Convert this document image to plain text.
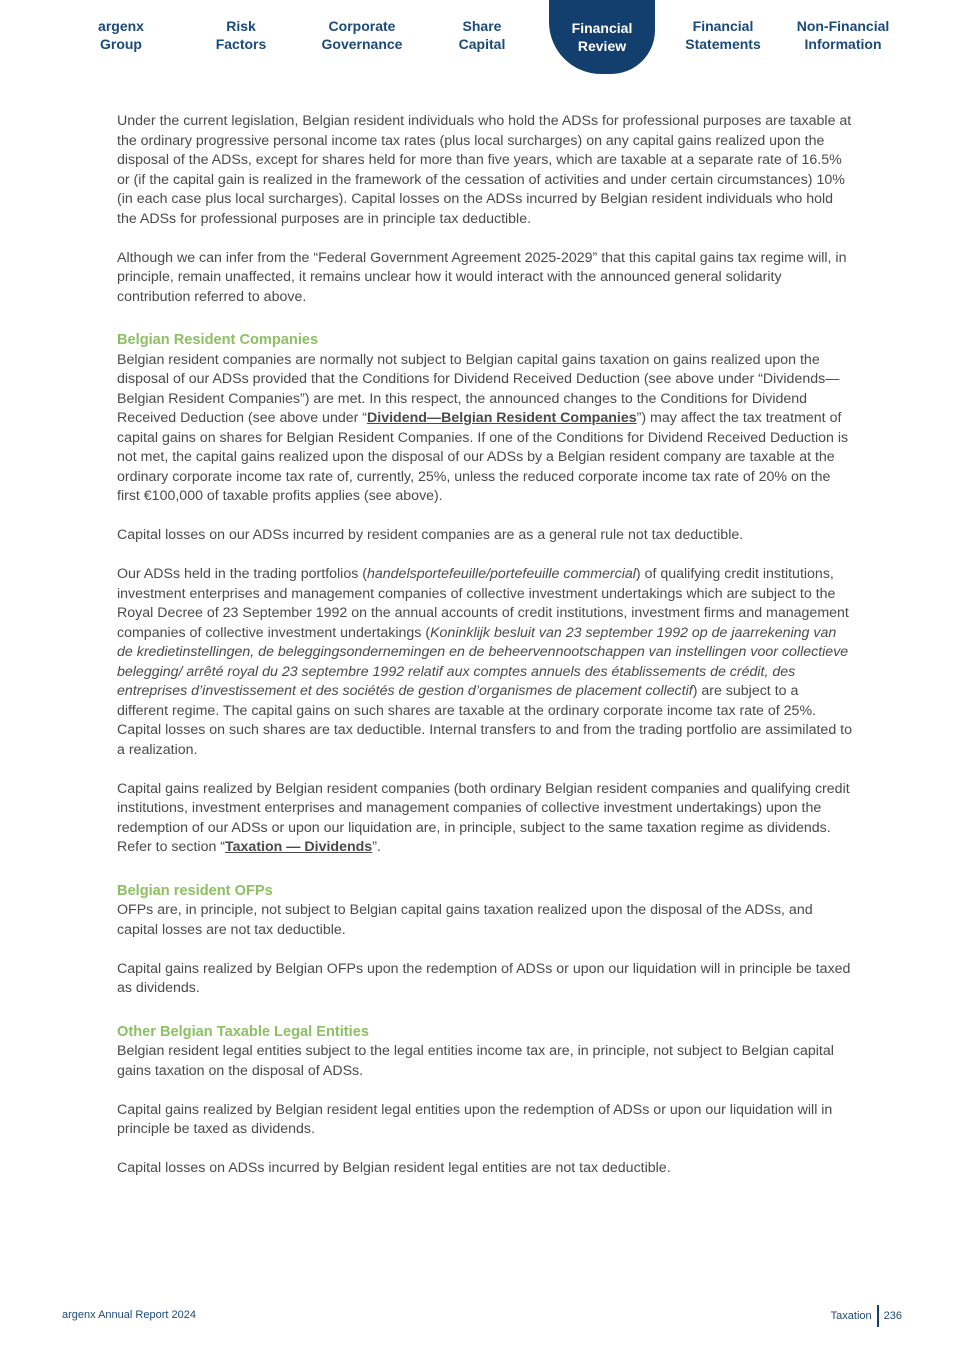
argenx
Group
Risk
Factors
Corporate
Governance
Share
Capital
Financial
Review
Financial
Statements
Non-Financial
Information

Under the current legislation, Belgian resident individuals who hold the ADSs for professional purposes are taxable at the ordinary progressive personal income tax rates (plus local surcharges) on any capital gains realized upon the disposal of the ADSs, except for shares held for more than five years, which are taxable at a separate rate of 16.5% or (if the capital gain is realized in the framework of the cessation of activities and under certain circumstances) 10% (in each case plus local surcharges). Capital losses on the ADSs incurred by Belgian resident individuals who hold the ADSs for professional purposes are in principle tax deductible.

Although we can infer from the “Federal Government Agreement 2025-2029” that this capital gains tax regime will, in principle, remain unaffected, it remains unclear how it would interact with the announced general solidarity contribution referred to above.

Belgian Resident Companies

Belgian resident companies are normally not subject to Belgian capital gains taxation on gains realized upon the disposal of our ADSs provided that the Conditions for Dividend Received Deduction (see above under “Dividends—Belgian Resident Companies”) are met. In this respect, the announced changes to the Conditions for Dividend Received Deduction (see above under “Dividend—Belgian Resident Companies”) may affect the tax treatment of capital gains on shares for Belgian Resident Companies. If one of the Conditions for Dividend Received Deduction is not met, the capital gains realized upon the disposal of our ADSs by a Belgian resident company are taxable at the ordinary corporate income tax rate of, currently, 25%, unless the reduced corporate income tax rate of 20% on the first €100,000 of taxable profits applies (see above).

Capital losses on our ADSs incurred by resident companies are as a general rule not tax deductible.

Our ADSs held in the trading portfolios (handelsportefeuille/portefeuille commercial) of qualifying credit institutions, investment enterprises and management companies of collective investment undertakings which are subject to the Royal Decree of 23 September 1992 on the annual accounts of credit institutions, investment firms and management companies of collective investment undertakings (Koninklijk besluit van 23 september 1992 op de jaarrekening van de kredietinstellingen, de beleggingsondernemingen en de beheervennootschappen van instellingen voor collectieve belegging/ arrêté royal du 23 septembre 1992 relatif aux comptes annuels des établissements de crédit, des entreprises d’investissement et des sociétés de gestion d’organismes de placement collectif) are subject to a different regime. The capital gains on such shares are taxable at the ordinary corporate income tax rate of 25%. Capital losses on such shares are tax deductible. Internal transfers to and from the trading portfolio are assimilated to a realization.

Capital gains realized by Belgian resident companies (both ordinary Belgian resident companies and qualifying credit institutions, investment enterprises and management companies of collective investment undertakings) upon the redemption of our ADSs or upon our liquidation are, in principle, subject to the same taxation regime as dividends. Refer to section “Taxation — Dividends”.

Belgian resident OFPs

OFPs are, in principle, not subject to Belgian capital gains taxation realized upon the disposal of the ADSs, and capital losses are not tax deductible.

Capital gains realized by Belgian OFPs upon the redemption of ADSs or upon our liquidation will in principle be taxed as dividends.

Other Belgian Taxable Legal Entities

Belgian resident legal entities subject to the legal entities income tax are, in principle, not subject to Belgian capital gains taxation on the disposal of ADSs.

Capital gains realized by Belgian resident legal entities upon the redemption of ADSs or upon our liquidation will in principle be taxed as dividends.

Capital losses on ADSs incurred by Belgian resident legal entities are not tax deductible.

argenx Annual Report 2024	Taxation 236
